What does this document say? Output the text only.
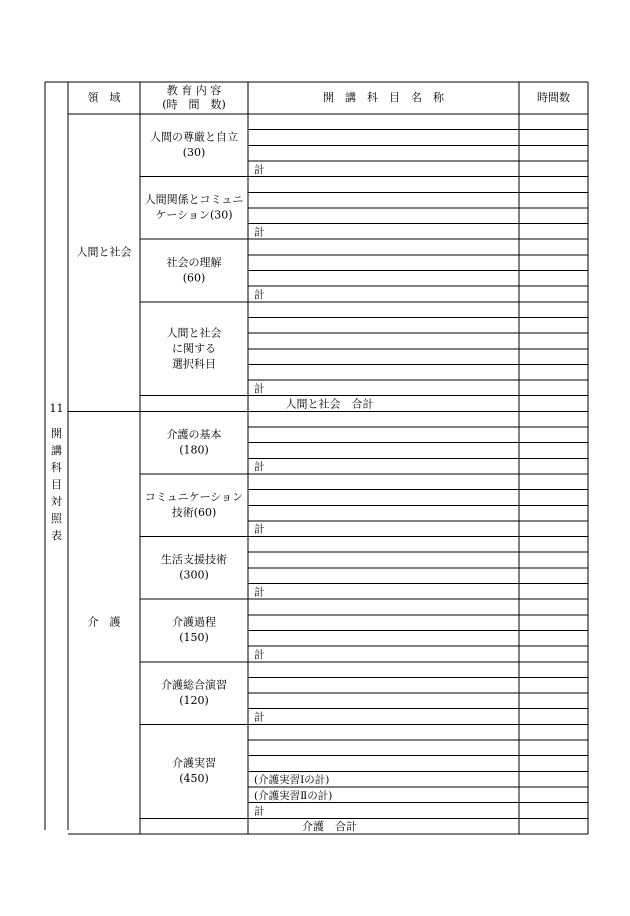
領　域
教 育 内 容
(時　間　数)
開　講　科　目　名　称	時間数
計
人間の尊厳と自立
(30)
計
人間関係とコミュニ
ケーション(30)
計
社会の理解
(60)
計
人間と社会
に関する
選択科目
人間と社会　合計
人間と社会
計
介護の基本
(180)
計
コミュニケーション
技術(60)
計
生活支援技術
(300)
計
介護過程
(150)
計
介護総合演習
(120)
(介護実習Ⅰの計)
(介護実習Ⅱの計)
計
介護実習
(450)
介護　合計
介　護
11
開
講
科
目
対
照
表
